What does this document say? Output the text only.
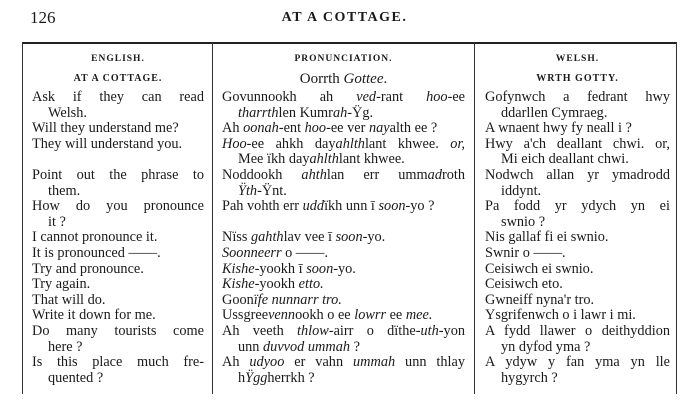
126	AT A COTTAGE.
ENGLISH.
AT A COTTAGE.
Ask if they can read
Welsh.
Will they understand me?
They will understand you.
Point out the phrase to
them.
How do you pronounce
it ?
I cannot pronounce it.
It is pronounced ——.
Try and pronounce.
Try again.
That will do.
Write it down for me.
Do many tourists come
here ?
Is this place much fre-
quented ?
PRONUNCIATION.
Oorrth Gottee.
Govunnookh ah ved-rant hoo-ee
tharrthlen Kumrah-Ÿg.
Ah oonah-ent hoo-ee ver nayalth ee ?
Hoo-ee ahkh dayahlthlant khwee. or,
Mee ïkh dayahlthlant khwee.
Noddookh ahthlan err ummadroth
Ÿth-Ÿnt.
Pah vohth err uddïkh unn ī soon-yo ?
Nïss gahthlav vee ī soon-yo.
Soonneerr o ——.
Kishe-yookh ī soon-yo.
Kishe-yookh etto.
Goonïfe nunnarr tro.
Ussgreevennookh o ee lowrr ee mee.
Ah veeth thlow-airr o dïthe-uth-yon
unn duvvod ummah ?
Ah udyoo er vahn ummah unn thlay
hŸggherrkh ?
WELSH.
WRTH GOTTY.
Gofynwch a fedrant hwy
ddarllen Cymraeg.
A wnaent hwy fy neall i ?
Hwy a'ch deallant chwi. or,
Mi eich deallant chwi.
Nodwch allan yr ymadrodd
iddynt.
Pa fodd yr ydych yn ei
swnio ?
Nis gallaf fi ei swnio.
Swnir o ——.
Ceisiwch ei swnio.
Ceisiwch eto.
Gwneiff nyna'r tro.
Ysgrifenwch o i lawr i mi.
A fydd llawer o deithyddion
yn dyfod yma ?
A ydyw y fan yma yn lle
hygyrch ?
